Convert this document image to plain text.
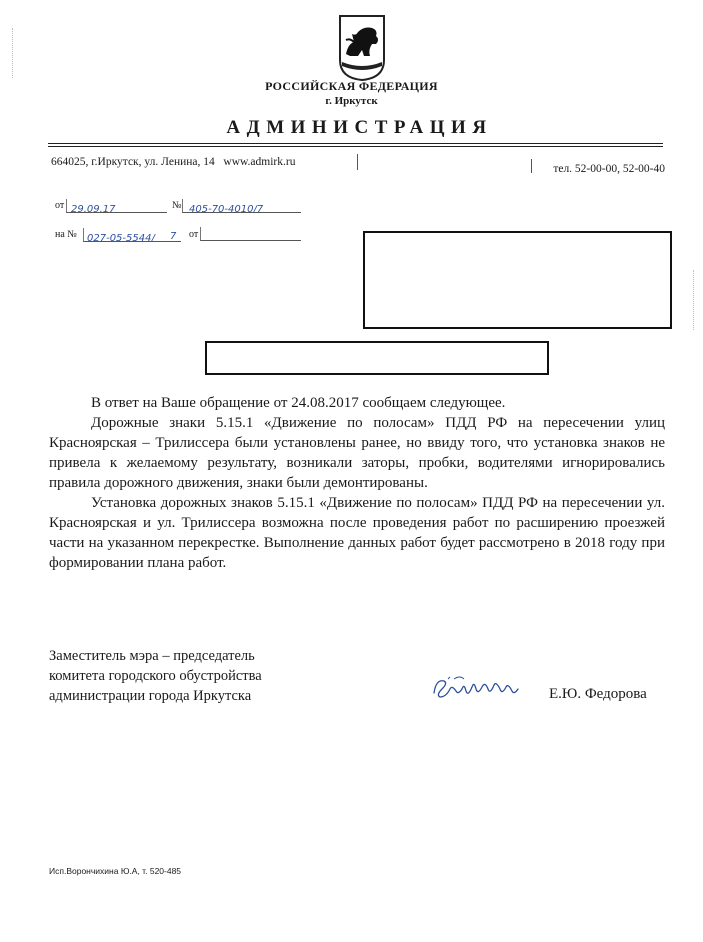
РОССИЙСКАЯ ФЕДЕРАЦИЯ
г. Иркутск
АДМИНИСТРАЦИЯ
664025, г.Иркутск, ул. Ленина, 14 www.admirk.ru
тел. 52-00-00, 52-00-40
от 29.09.17	№ 405-70-4010/7
на №	027-05-5544/	7 от

В ответ на Ваше обращение от 24.08.2017 сообщаем следующее.

Дорожные знаки 5.15.1 «Движение по полосам» ПДД РФ на пересечении улиц Красноярская – Трилиссера были установлены ранее, но ввиду того, что установка знаков не привела к желаемому результату, возникали заторы, пробки, водителями игнорировались правила дорожного движения, знаки были демонтированы.

Установка дорожных знаков 5.15.1 «Движение по полосам» ПДД РФ на пересечении ул. Красноярская и ул. Трилиссера возможна после проведения работ по расширению проезжей части на указанном перекрестке. Выполнение данных работ будет рассмотрено в 2018 году при формировании плана работ.

Заместитель мэра – председатель
комитета городского обустройства
администрации города Иркутска	Е.Ю. Федорова
Исп.Ворончихина Ю.А, т. 520-485
